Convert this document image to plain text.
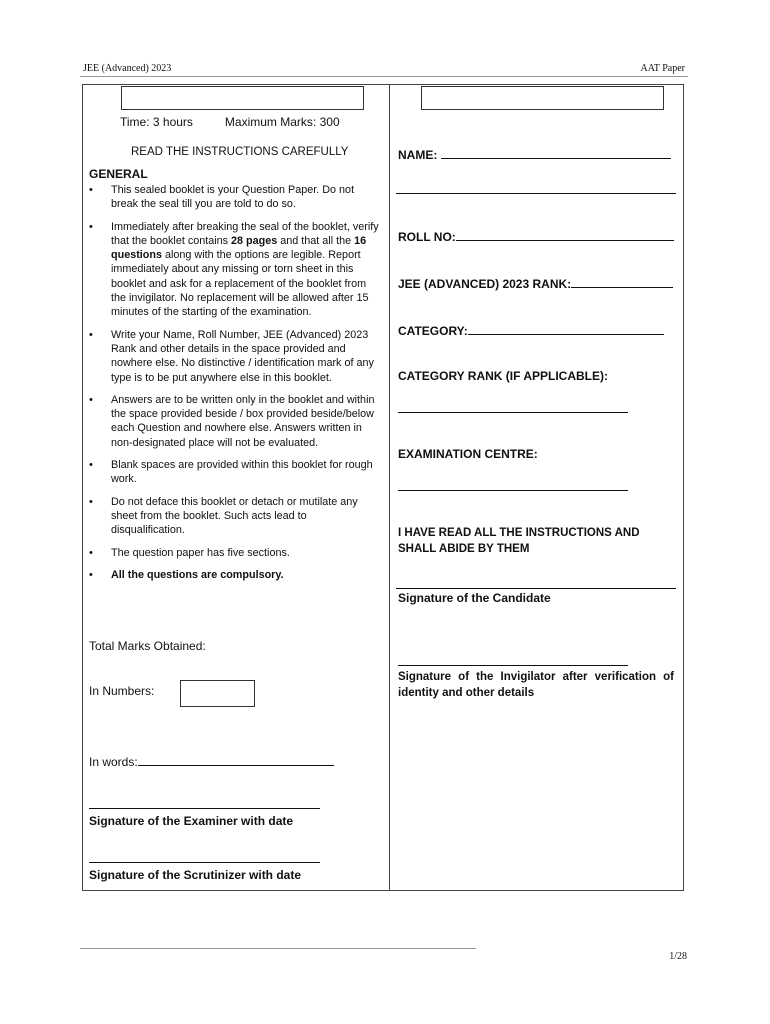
JEE (Advanced) 2023	AAT Paper
Time: 3 hours	Maximum Marks: 300
READ THE INSTRUCTIONS CAREFULLY
GENERAL
• This sealed booklet is your Question Paper. Do not break the seal till you are told to do so.
• Immediately after breaking the seal of the booklet, verify that the booklet contains 28 pages and that all the 16 questions along with the options are legible. Report immediately about any missing or torn sheet in this booklet and ask for a replacement of the booklet from the invigilator. No replacement will be allowed after 15 minutes of the starting of the examination.
• Write your Name, Roll Number, JEE (Advanced) 2023 Rank and other details in the space provided and nowhere else. No distinctive / identification mark of any type is to be put anywhere else in this booklet.
• Answers are to be written only in the booklet and within the space provided beside / box provided beside/below each Question and nowhere else. Answers written in non-designated place will not be evaluated.
• Blank spaces are provided within this booklet for rough work.
• Do not deface this booklet or detach or mutilate any sheet from the booklet. Such acts lead to disqualification.
• The question paper has five sections.
• All the questions are compulsory.
Total Marks Obtained:
In Numbers:
In words:
Signature of the Examiner with date
Signature of the Scrutinizer with date
NAME:
ROLL NO:
JEE (ADVANCED) 2023 RANK:
CATEGORY:
CATEGORY RANK (IF APPLICABLE):
EXAMINATION CENTRE:
I HAVE READ ALL THE INSTRUCTIONS AND SHALL ABIDE BY THEM
Signature of the Candidate
Signature of the Invigilator after verification of identity and other details
1/28
